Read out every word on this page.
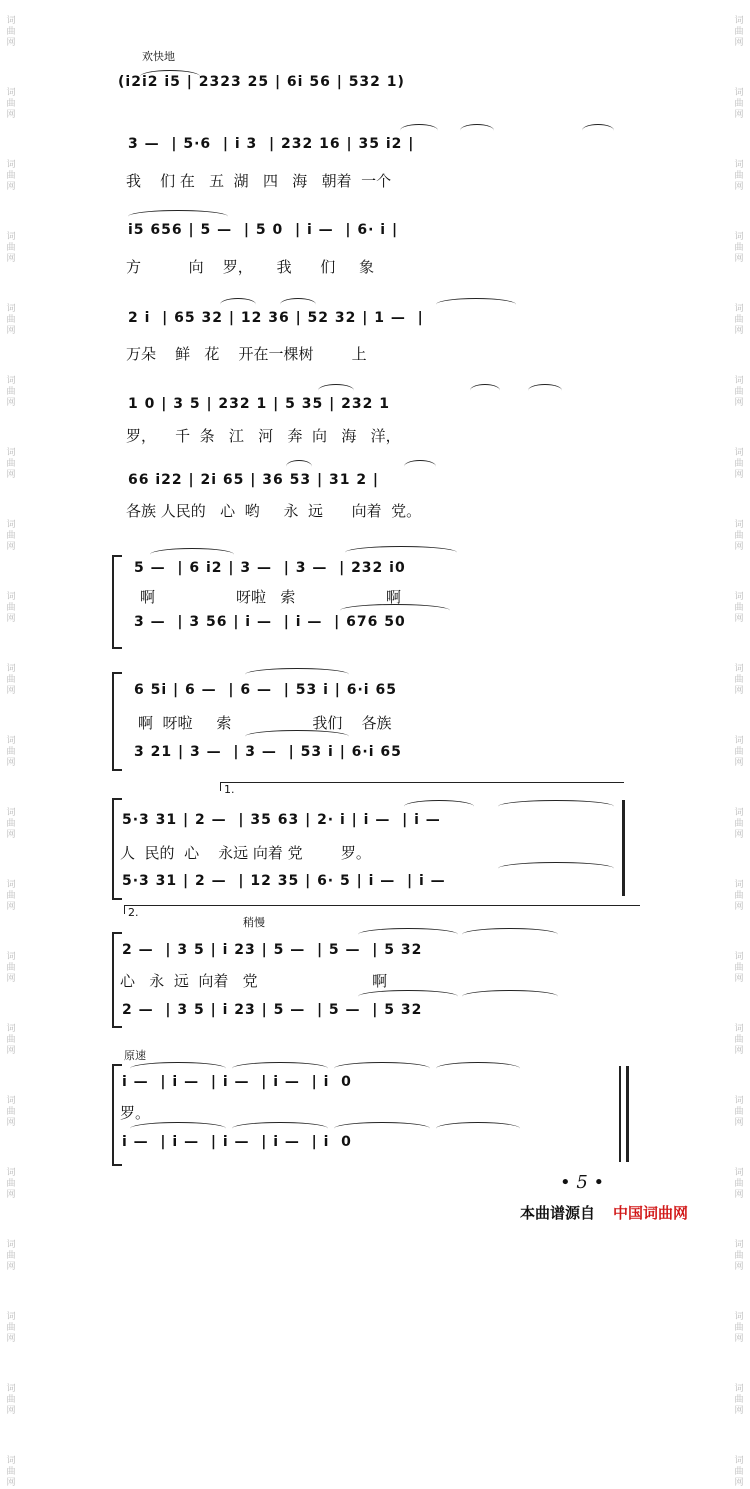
词
曲
网
词
曲
网
词
曲
网
词
曲
网
词
曲
网
词
曲
网
词
曲
网
词
曲
网
词
曲
网
词
曲
网
词
曲
网
词
曲
网
词
曲
网
词
曲
网
词
曲
网
词
曲
网
词
曲
网
词
曲
网
词
曲
网
词
曲
网
词
曲
网
词
曲
网
词
曲
网
词
曲
网
词
曲
网
词
曲
网
词
曲
网
词
曲
网
词
曲
网
词
曲
网
词
曲
网
词
曲
网
词
曲
网
词
曲
网
词
曲
网
词
曲
网
词
曲
网
词
曲
网
词
曲
网
词
曲
网
词
曲
网
词
曲
网
欢快地
(i2i2 i5 | 2323 25 | 6i 56 | 532 1)
3 —  | 5·6  | i 3  | 232 16 | 35 i2 |
我    们 在   五  湖   四   海   朝着  一个
i5 656 | 5 —  | 5 0  | i —  | 6· i |
方          向    罗，     我      们     象
2 i  | 65 32 | 12 36 | 52 32 | 1 —  |
万朵    鲜   花    开在一棵树        上
1 0 | 3 5 | 232 1 | 5 35 | 232 1
罗，    千  条   江   河   奔  向   海   洋，
66 i22 | 2i 65 | 36 53 | 31 2 |
各族 人民的   心  哟     永  远      向着  党。
5 —  | 6 i2 | 3 —  | 3 —  | 232 i0
啊                 呀啦   索                   啊
3 —  | 3 56 | i —  | i —  | 676 50
6 5i | 6 —  | 6 —  | 53 i | 6·i 65
啊  呀啦     索                 我们    各族
3 21 | 3 —  | 3 —  | 53 i | 6·i 65
1.
5·3 31 | 2 —  | 35 63 | 2· i | i —  | i —
人  民的  心    永远 向着 党        罗。
5·3 31 | 2 —  | 12 35 | 6· 5 | i —  | i —
2.
稍慢
2 —  | 3 5 | i 23 | 5 —  | 5 —  | 5 32
心   永  远  向着   党                        啊
2 —  | 3 5 | i 23 | 5 —  | 5 —  | 5 32
原速
i —  | i —  | i —  | i —  | i  0
罗。
i —  | i —  | i —  | i —  | i  0
• 5 •
本曲谱源自 中国词曲网
